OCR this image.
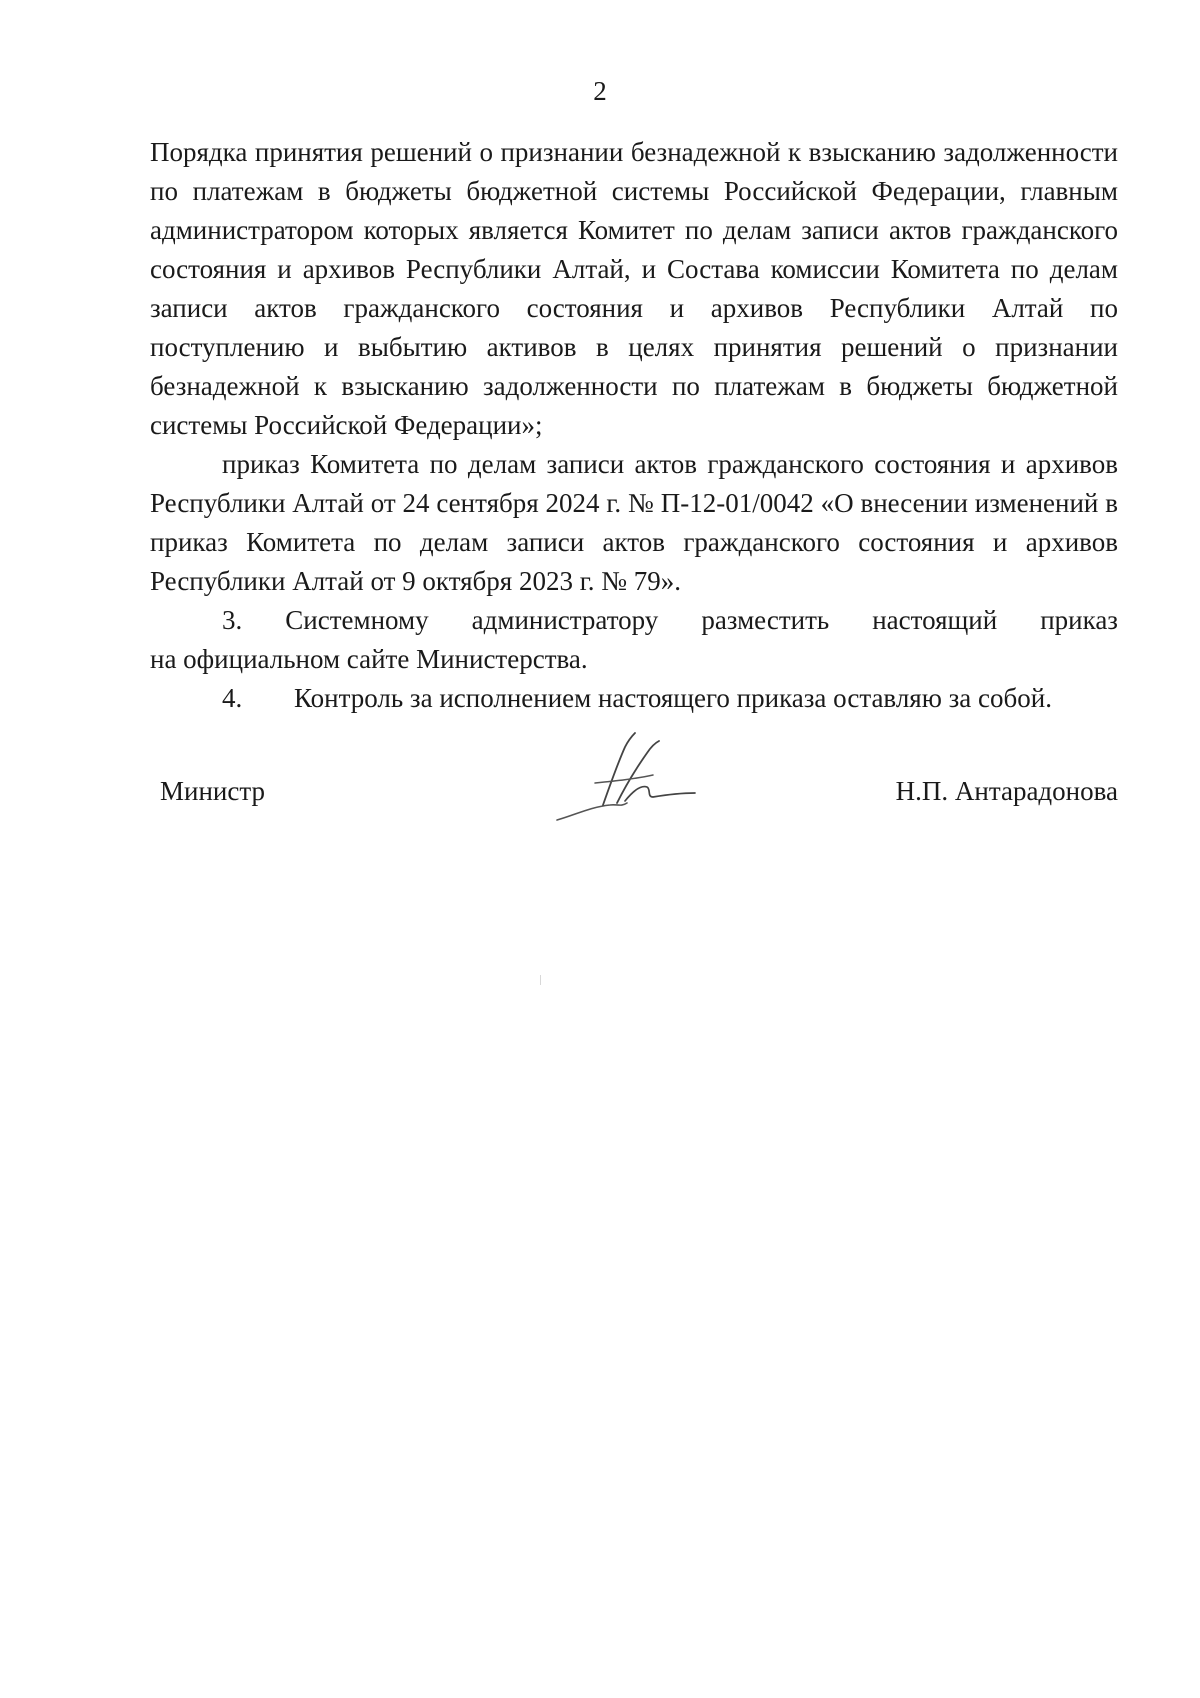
2

Порядка принятия решений о признании безнадежной к взысканию задолженности по платежам в бюджеты бюджетной системы Российской Федерации, главным администратором которых является Комитет по делам записи актов гражданского состояния и архивов Республики Алтай, и Состава комиссии Комитета по делам записи актов гражданского состояния и архивов Республики Алтай по поступлению и выбытию активов в целях принятия решений о признании безнадежной к взысканию задолженности по платежам в бюджеты бюджетной системы Российской Федерации»;

приказ Комитета по делам записи актов гражданского состояния и архивов Республики Алтай от 24 сентября 2024 г. № П-12-01/0042 «О внесении изменений в приказ Комитета по делам записи актов гражданского состояния и архивов Республики Алтай от 9 октября 2023 г. № 79».

3. Системному администратору разместить настоящий приказ

на официальном сайте Министерства.

4.	Контроль за исполнением настоящего приказа оставляю за собой.
Министр	Н.П. Антарадонова
